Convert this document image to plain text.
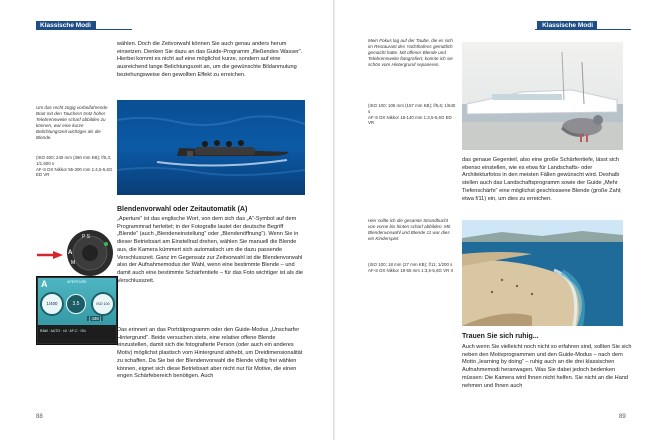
Klassische Modi
wählen. Doch die Zeitvorwahl können Sie auch genau anders herum einsetzen. Denken Sie dazu an das Guide-Programm „fließendes Wasser“. Hierbei kommt es nicht auf eine möglichst kurze, sondern auf eine ausreichend lange Belichtungszeit an, um die gewünschte Bildanmutung beziehungsweise den gewollten Effekt zu erreichen.
Um das recht zügig vorbeifahrende Boot mit den Tauchern trotz hoher Telebrennweite scharf abbilden zu können, war eine kurze Belichtungszeit wichtiger als die Blende.
(ISO 400; 240 mm (360 mm KB); f/5,3; 1/1.600 s
AF-S DX Nikkor 55-300 mm 1:4,5-5,6G ED VR
P S
A
M
A	APERTURE
1/400	3.5	ISO 100
[ 436 ]
RAW · AUTO · ±0 · AF-C · ON
Blendenvorwahl oder Zeitautomatik (A)
„Aperture“ ist das englische Wort, von dem sich das „A“-Symbol auf dem Programmrad herleitet; in der Fotografie lautet der deutsche Begriff „Blende“ (auch „Blendeneinstellung“ oder „Blendenöffnung“). Wenn Sie in dieser Betriebsart am Einstellrad drehen, wählen Sie manuell die Blende aus, die Kamera kümmert sich automatisch um die dazu passende Verschlusszeit. Ganz im Gegensatz zur Zeitvorwahl ist die Blendenvorwahl also der Aufnahmemodus der Wahl, wenn eine bestimmte Blende – und damit auch eine bestimmte Schärfentiefe – für das Foto wichtiger ist als die Verschlusszeit.
Das erinnert an das Porträtprogramm oder den Guide-Modus „Unscharfer Hintergrund“. Beide versuchen stets, eine relative offene Blende einzustellen, damit sich die fotografierte Person (oder auch ein anderes Motiv) möglichst plastisch vom Hintergrund abhebt, um Dreidimensionalität zu schaffen. Da Sie bei der Blendenvorwahl die Blende völlig frei wählen können, eignet sich diese Betriebsart aber nicht nur für Motive, die einen engen Schärfebereich benötigen. Auch
88
Klassische Modi
Mein Fokus lag auf der Taube, die es sich im Restaurant des Yachthafens gemütlich gemacht hatte. Mit offener Blende und Telebrennweite fotografiert, konnte ich sie schön vom Hintergrund separieren.
(ISO 100; 105 mm (157 mm KB); f/5,6; 1/640 s
AF-S DX Nikkor 18-140 mm 1:3,5-5,6G ED VR
das genaue Gegenteil, also eine große Schärfentiefe, lässt sich ebenso einstellen, wie es etwa für Landschafts- oder Architekturfotos in den meisten Fällen gewünscht wird. Deshalb stellen auch das Landschaftsprogramm sowie der Guide „Mehr Tiefenschärfe“ eine möglichst geschlossene Blende (große Zahl; etwa f/11) ein, um dies zu erreichen.
Hier sollte ich die gesamte Strandbucht von vorne bis hinten scharf abbilden. Mit Blendenvorwahl und Blende 11 war dies ein Kinderspiel.
(ISO 100; 18 mm (27 mm KB); f/11; 1/200 s
AF-S DX Nikkor 18-55 mm 1:3,5-5,6G VR II
Trauen Sie sich ruhig...
Auch wenn Sie vielleicht noch nicht so erfahren sind, sollten Sie sich neben den Motivprogrammen und den Guide-Modus – nach dem Motto „learning by doing“ – ruhig auch an die drei klassischen Aufnahmemodi heranwagen. Was Sie dabei jedoch bedenken müssen: Die Kamera wird Ihnen nicht helfen. Sie nicht an die Hand nehmen und Ihnen auch
89
